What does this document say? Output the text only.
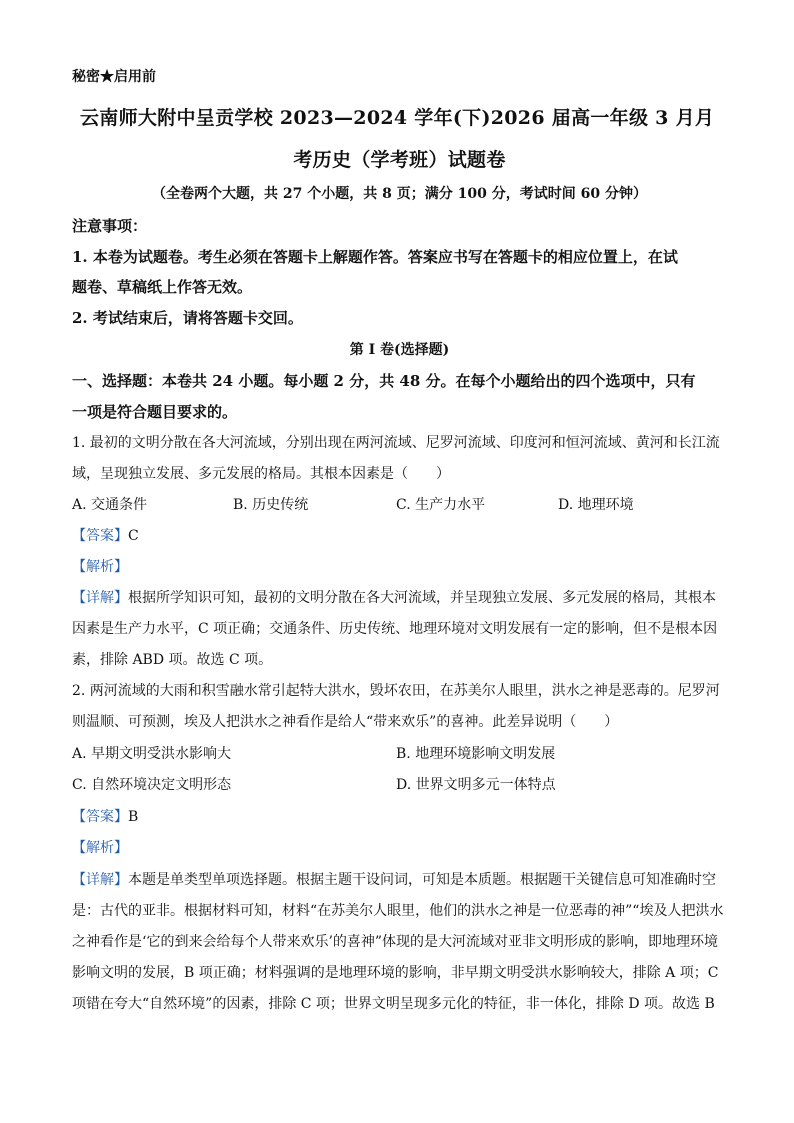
秘密★启用前
云南师大附中呈贡学校 2023—2024 学年(下)2026 届高一年级 3 月月
考历史（学考班）试题卷
（全卷两个大题，共 27 个小题，共 8 页；满分 100 分，考试时间 60 分钟）
注意事项：
1. 本卷为试题卷。考生必须在答题卡上解题作答。答案应书写在答题卡的相应位置上，在试
题卷、草稿纸上作答无效。
2. 考试结束后，请将答题卡交回。
第 I 卷(选择题)
一、选择题：本卷共 24 小题。每小题 2 分，共 48 分。在每个小题给出的四个选项中，只有
一项是符合题目要求的。
1. 最初的文明分散在各大河流域，分别出现在两河流域、尼罗河流域、印度河和恒河流域、黄河和长江流
域，呈现独立发展、多元发展的格局。其根本因素是（　　）
A. 交通条件	B. 历史传统	C. 生产力水平	D. 地理环境
【答案】C
【解析】
【详解】根据所学知识可知，最初的文明分散在各大河流域，并呈现独立发展、多元发展的格局，其根本
因素是生产力水平，C 项正确；交通条件、历史传统、地理环境对文明发展有一定的影响，但不是根本因
素，排除 ABD 项。故选 C 项。
2. 两河流域的大雨和积雪融水常引起特大洪水，毁坏农田，在苏美尔人眼里，洪水之神是恶毒的。尼罗河
则温顺、可预测，埃及人把洪水之神看作是给人“带来欢乐”的喜神。此差异说明（　　）
A. 早期文明受洪水影响大	B. 地理环境影响文明发展
C. 自然环境决定文明形态	D. 世界文明多元一体特点
【答案】B
【解析】
【详解】本题是单类型单项选择题。根据主题干设问词，可知是本质题。根据题干关键信息可知准确时空
是：古代的亚非。根据材料可知，材料“在苏美尔人眼里，他们的洪水之神是一位恶毒的神”“埃及人把洪水
之神看作是‘它的到来会给每个人带来欢乐’的喜神”体现的是大河流域对亚非文明形成的影响，即地理环境
影响文明的发展，B 项正确；材料强调的是地理环境的影响，非早期文明受洪水影响较大，排除 A 项；C
项错在夸大“自然环境”的因素，排除 C 项；世界文明呈现多元化的特征，非一体化，排除 D 项。故选 B
